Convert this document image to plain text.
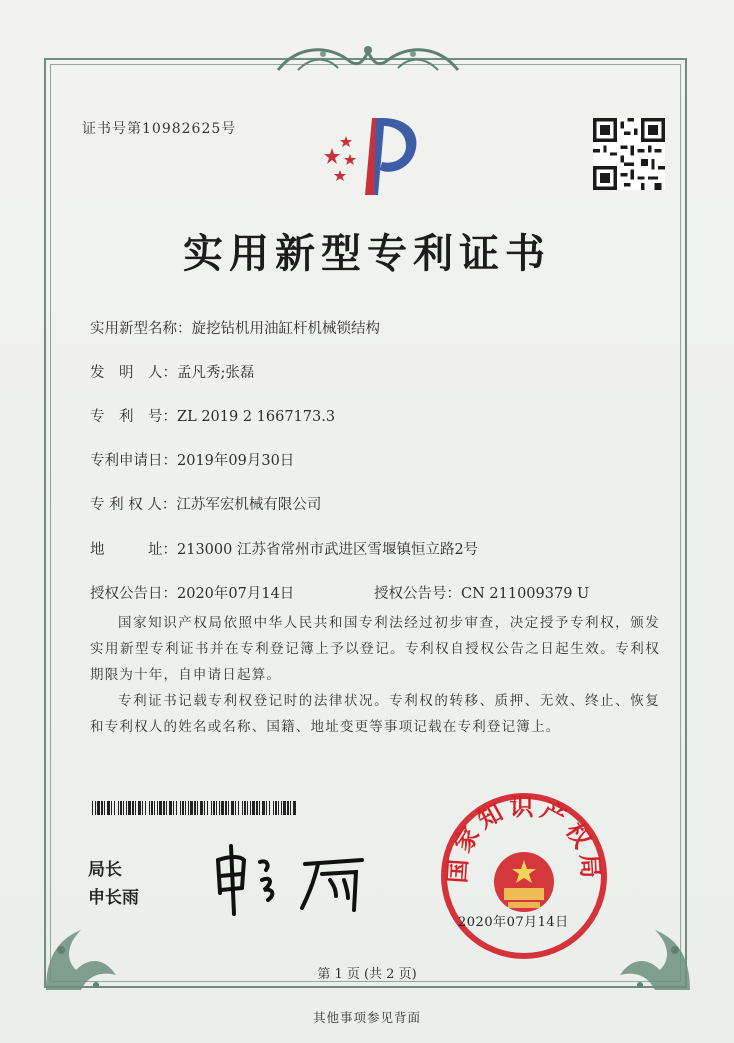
证书号第10982625号
实用新型专利证书
实用新型名称：旋挖钻机用油缸杆机械锁结构
发　明　人：孟凡秀;张磊
专　利　号：ZL 2019 2 1667173.3
专利申请日：2019年09月30日
专 利 权 人：江苏军宏机械有限公司
地　　　址：213000 江苏省常州市武进区雪堰镇恒立路2号
授权公告日：2020年07月14日	授权公告号：CN 211009379 U
国家知识产权局依照中华人民共和国专利法经过初步审查，决定授予专利权，颁发实用新型专利证书并在专利登记簿上予以登记。专利权自授权公告之日起生效。专利权期限为十年，自申请日起算。
专利证书记载专利权登记时的法律状况。专利权的转移、质押、无效、终止、恢复和专利权人的姓名或名称、国籍、地址变更等事项记载在专利登记簿上。
局长
申长雨
国家知识产权局
2020年07月14日
第 1 页 (共 2 页)
其他事项参见背面
